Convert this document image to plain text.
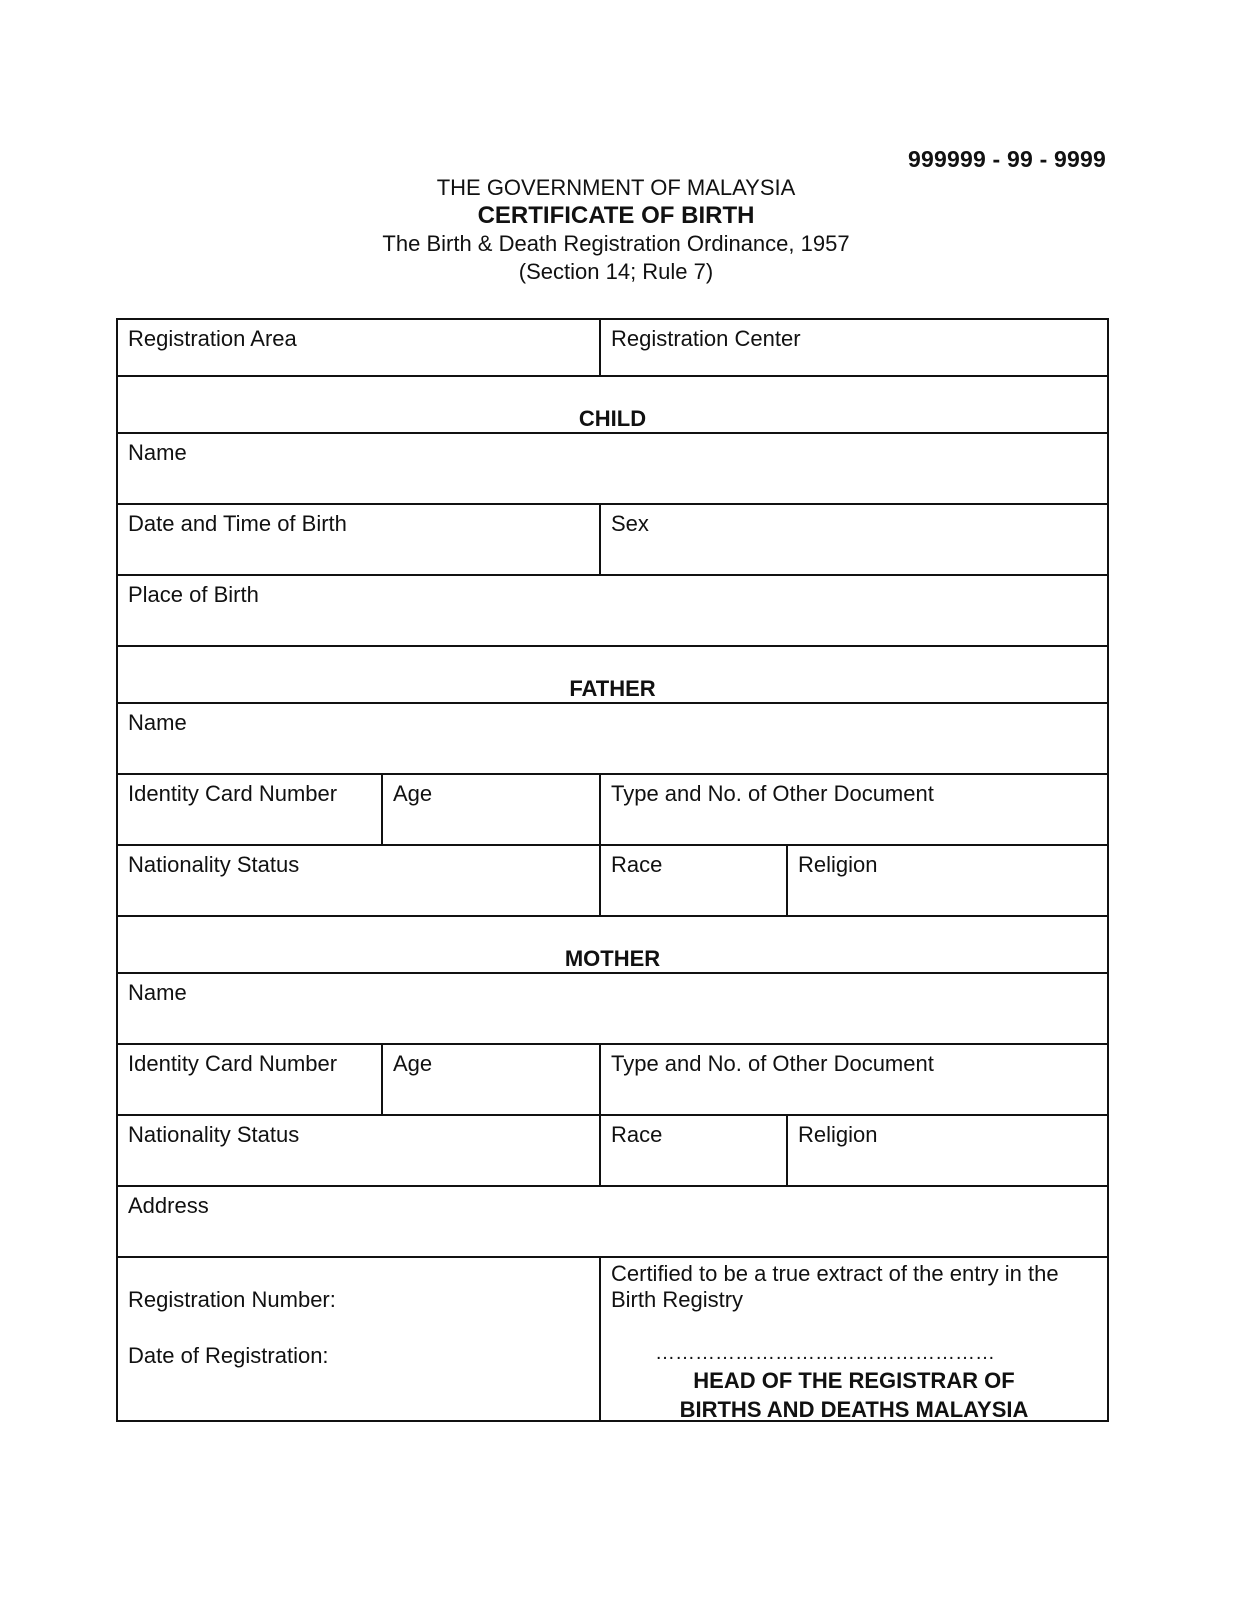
999999 - 99 - 9999
THE GOVERNMENT OF MALAYSIA
CERTIFICATE OF BIRTH
The Birth & Death Registration Ordinance, 1957
(Section 14; Rule 7)
Registration Area	Registration Center
CHILD
Name
Date and Time of Birth	Sex
Place of Birth
FATHER
Name
Identity Card Number	Age	Type and No. of Other Document
Nationality Status	Race	Religion
MOTHER
Name
Identity Card Number	Age	Type and No. of Other Document
Nationality Status	Race	Religion
Address
Registration Number:
Date of Registration:
Certified to be a true extract of the entry in the Birth Registry
……………………………………………
HEAD OF THE REGISTRAR OF
BIRTHS AND DEATHS MALAYSIA
